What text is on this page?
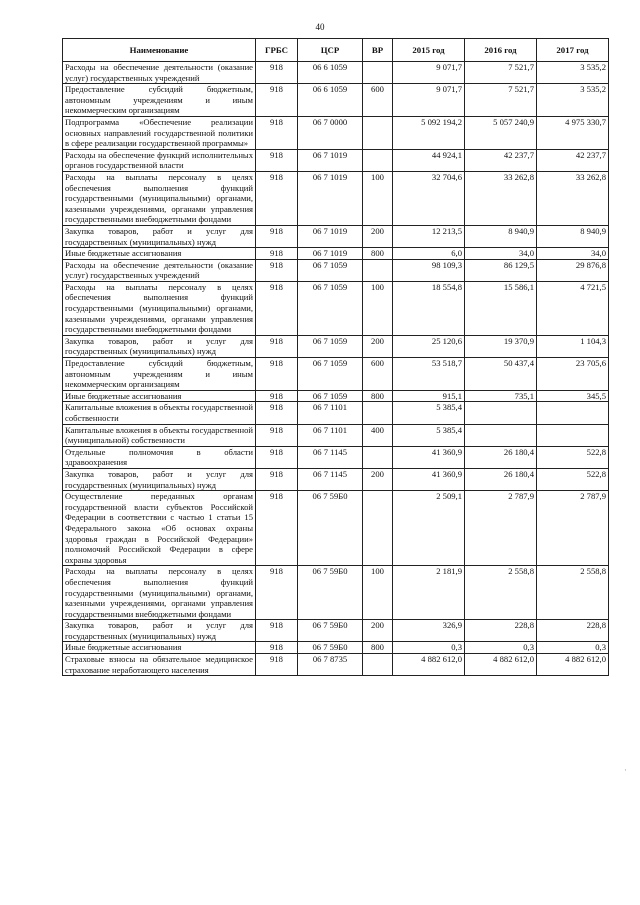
40
Наименование	ГРБС	ЦСР	ВР	2015 год	2016 год	2017 год
Расходы на обеспечение деятельности (оказание услуг) государственных учреждений	918	06 6 1059		9 071,7	7 521,7	3 535,2
Предоставление субсидий бюджетным, автономным учреждениям и иным некоммерческим организациям	918	06 6 1059	600	9 071,7	7 521,7	3 535,2
Подпрограмма «Обеспечение реализации основных направлений государственной политики в сфере реализации государственной программы»	918	06 7 0000		5 092 194,2	5 057 240,9	4 975 330,7
Расходы на обеспечение функций исполнительных органов государственной власти	918	06 7 1019		44 924,1	42 237,7	42 237,7
Расходы на выплаты персоналу в целях обеспечения выполнения функций государственными (муниципальными) органами, казенными учреждениями, органами управления государственными внебюджетными фондами	918	06 7 1019	100	32 704,6	33 262,8	33 262,8
Закупка товаров, работ и услуг для государственных (муниципальных) нужд	918	06 7 1019	200	12 213,5	8 940,9	8 940,9
Иные бюджетные ассигнования	918	06 7 1019	800	6,0	34,0	34,0
Расходы на обеспечение деятельности (оказание услуг) государственных учреждений	918	06 7 1059		98 109,3	86 129,5	29 876,8
Расходы на выплаты персоналу в целях обеспечения выполнения функций государственными (муниципальными) органами, казенными учреждениями, органами управления государственными внебюджетными фондами	918	06 7 1059	100	18 554,8	15 586,1	4 721,5
Закупка товаров, работ и услуг для государственных (муниципальных) нужд	918	06 7 1059	200	25 120,6	19 370,9	1 104,3
Предоставление субсидий бюджетным, автономным учреждениям и иным некоммерческим организациям	918	06 7 1059	600	53 518,7	50 437,4	23 705,6
Иные бюджетные ассигнования	918	06 7 1059	800	915,1	735,1	345,5
Капитальные вложения в объекты государственной собственности	918	06 7 1101		5 385,4		
Капитальные вложения в объекты государственной (муниципальной) собственности	918	06 7 1101	400	5 385,4		
Отдельные полномочия в области здравоохранения	918	06 7 1145		41 360,9	26 180,4	522,8
Закупка товаров, работ и услуг для государственных (муниципальных) нужд	918	06 7 1145	200	41 360,9	26 180,4	522,8
Осуществление переданных органам государственной власти субъектов Российской Федерации в соответствии с частью 1 статьи 15 Федерального закона «Об основах охраны здоровья граждан в Российской Федерации» полномочий Российской Федерации в сфере охраны здоровья	918	06 7 59Б0		2 509,1	2 787,9	2 787,9
Расходы на выплаты персоналу в целях обеспечения выполнения функций государственными (муниципальными) органами, казенными учреждениями, органами управления государственными внебюджетными фондами	918	06 7 59Б0	100	2 181,9	2 558,8	2 558,8
Закупка товаров, работ и услуг для государственных (муниципальных) нужд	918	06 7 59Б0	200	326,9	228,8	228,8
Иные бюджетные ассигнования	918	06 7 59Б0	800	0,3	0,3	0,3
Страховые взносы на обязательное медицинское страхование неработающего населения	918	06 7 8735		4 882 612,0	4 882 612,0	4 882 612,0
·
